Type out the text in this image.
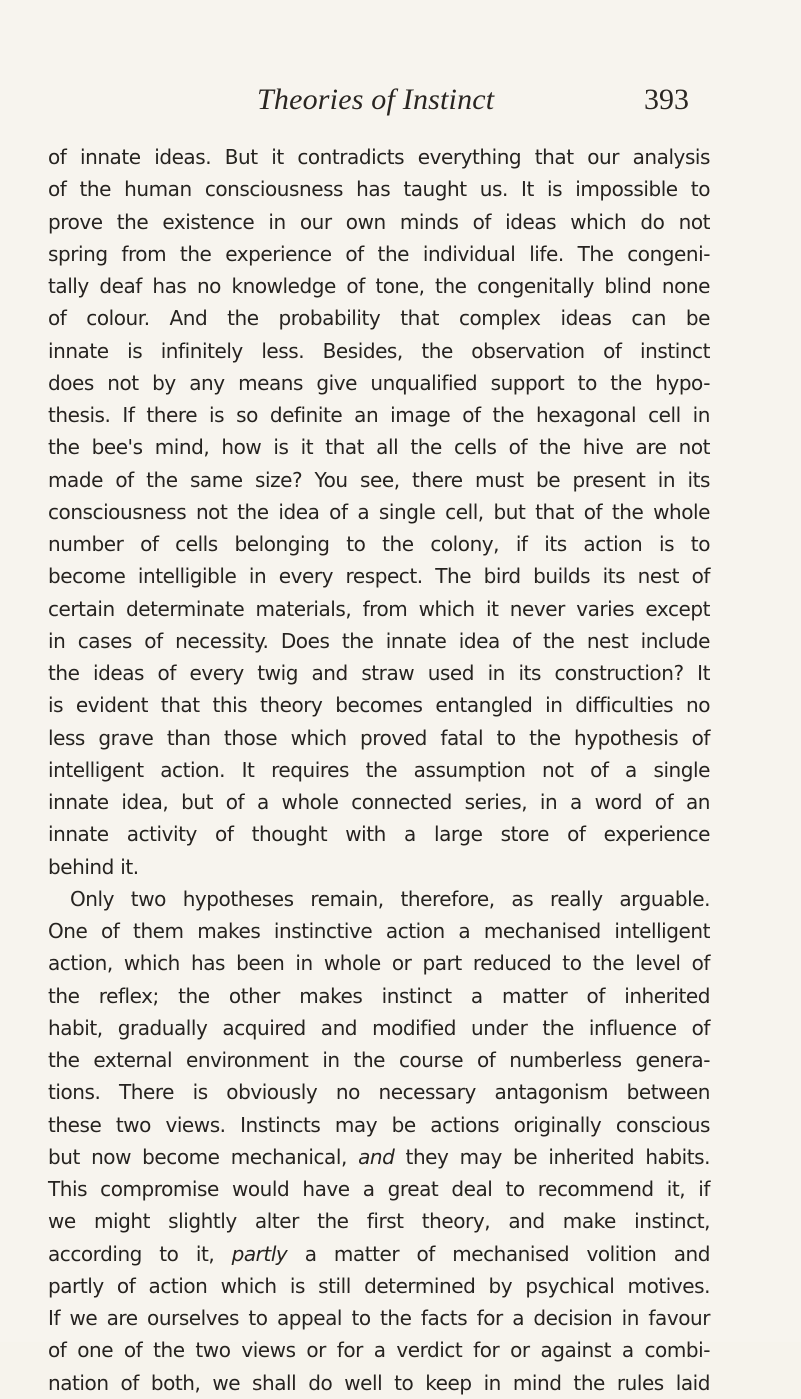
Theories of Instinct	393
of innate ideas. But it contradicts everything that our analysis
of the human consciousness has taught us. It is impossible to
prove the existence in our own minds of ideas which do not
spring from the experience of the individual life. The congeni-
tally deaf has no knowledge of tone, the congenitally blind none
of colour. And the probability that complex ideas can be
innate is infinitely less. Besides, the observation of instinct
does not by any means give unqualified support to the hypo-
thesis. If there is so definite an image of the hexagonal cell in
the bee's mind, how is it that all the cells of the hive are not
made of the same size? You see, there must be present in its
consciousness not the idea of a single cell, but that of the whole
number of cells belonging to the colony, if its action is to
become intelligible in every respect. The bird builds its nest of
certain determinate materials, from which it never varies except
in cases of necessity. Does the innate idea of the nest include
the ideas of every twig and straw used in its construction? It
is evident that this theory becomes entangled in difficulties no
less grave than those which proved fatal to the hypothesis of
intelligent action. It requires the assumption not of a single
innate idea, but of a whole connected series, in a word of an
innate activity of thought with a large store of experience
behind it.
Only two hypotheses remain, therefore, as really arguable.
One of them makes instinctive action a mechanised intelligent
action, which has been in whole or part reduced to the level of
the reflex; the other makes instinct a matter of inherited
habit, gradually acquired and modified under the influence of
the external environment in the course of numberless genera-
tions. There is obviously no necessary antagonism between
these two views. Instincts may be actions originally conscious
but now become mechanical, and they may be inherited habits.
This compromise would have a great deal to recommend it, if
we might slightly alter the first theory, and make instinct,
according to it, partly a matter of mechanised volition and
partly of action which is still determined by psychical motives.
If we are ourselves to appeal to the facts for a decision in favour
of one of the two views or for a verdict for or against a combi-
nation of both, we shall do well to keep in mind the rules laid
